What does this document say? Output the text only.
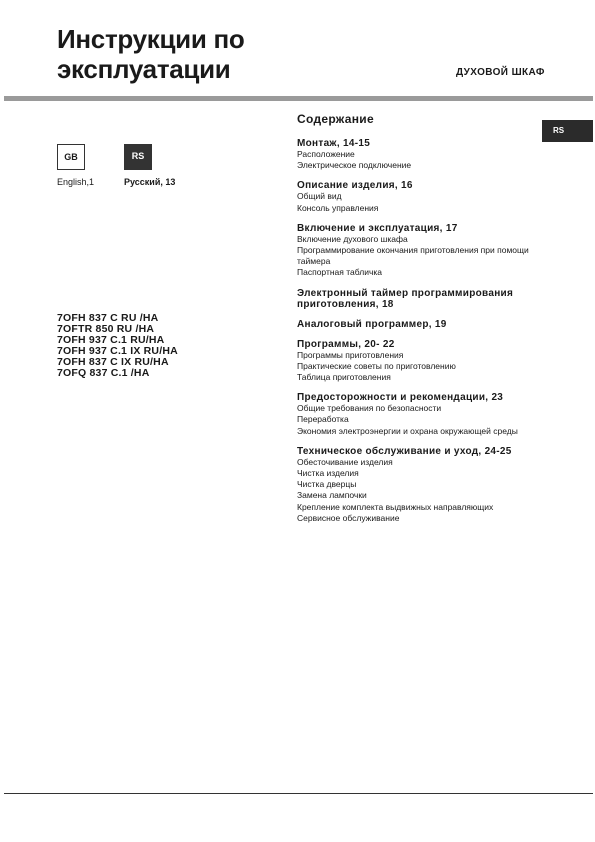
Инструкции по
эксплуатации	ДУХОВОЙ ШКАФ
RS
GB	RS
English,1	Русский, 13
7OFH 837 C RU /HA
7OFTR 850 RU /HA
7OFH 937 C.1 RU/HA
7OFH 937 C.1 IX RU/HA
7OFH 837 C IX RU/HA
7OFQ 837 C.1 /HA
Содержание
Монтаж, 14-15
Расположение
Электрическое подключение
Описание изделия, 16
Общий вид
Консоль управления
Включение и эксплуатация, 17
Включение духового шкафа
Программирование окончания приготовления при помощи таймера
Паспортная табличка
Электронный таймер программирования приготовления, 18
Аналоговый программер, 19
Программы, 20- 22
Программы приготовления
Практические советы по приготовлению
Таблица приготовления
Предосторожности и рекомендации, 23
Общие требования по безопасности
Переработка
Экономия электроэнергии и охрана окружающей среды
Техническое обслуживание и уход, 24-25
Обесточивание изделия
Чистка изделия
Чистка дверцы
Замена лампочки
Крепление комплекта выдвижных направляющих
Сервисное обслуживание
